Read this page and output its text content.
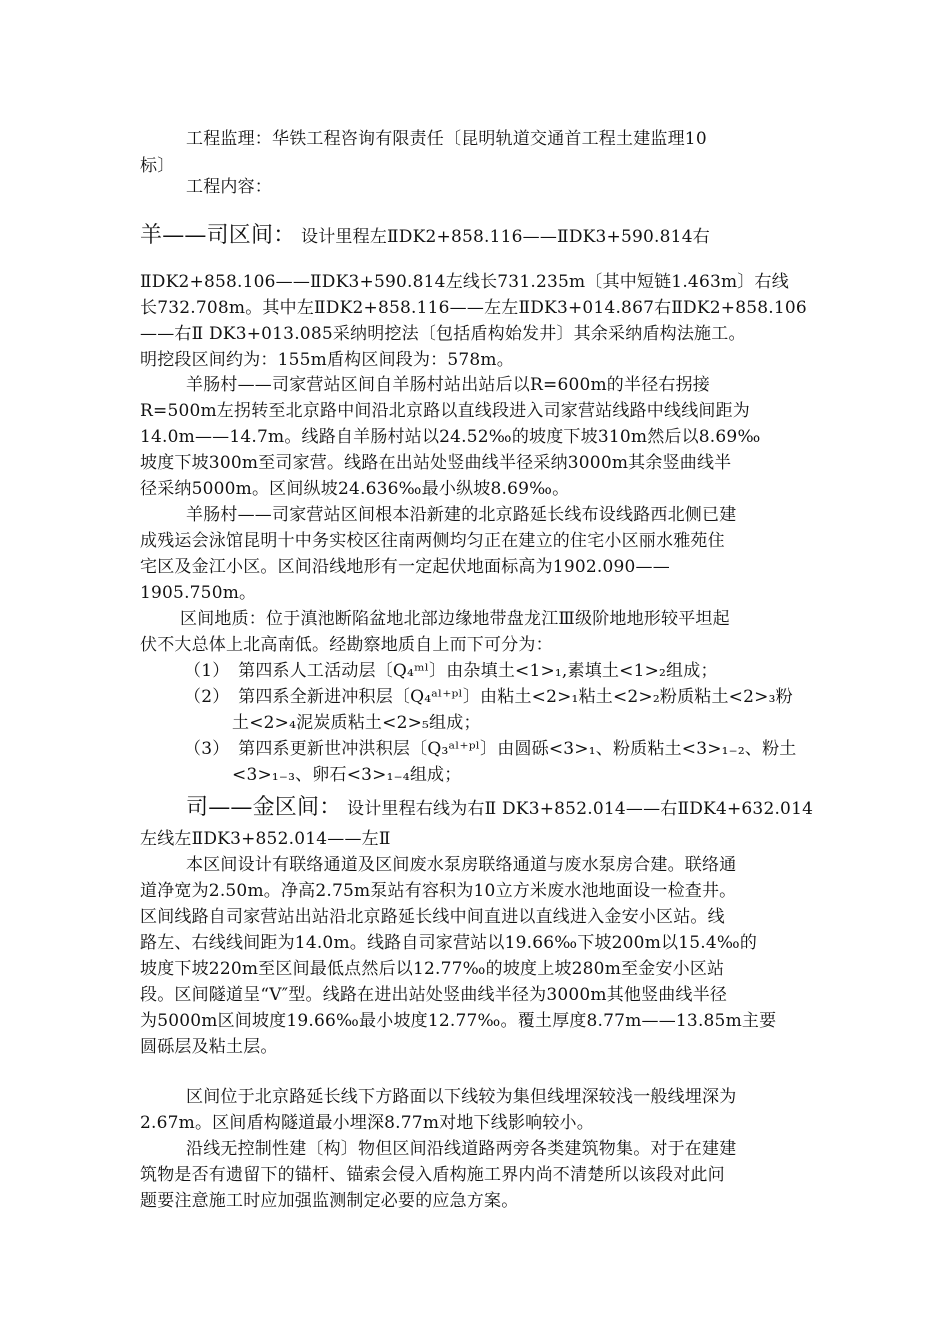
工程监理：华铁工程咨询有限责任〔昆明轨道交通首工程土建监理10
标〕
工程内容：
羊——司区间： 设计里程左ⅡDK2+858.116——ⅡDK3+590.814右
ⅡDK2+858.106——ⅡDK3+590.814左线长731.235m〔其中短链1.463m〕右线
长732.708m。其中左ⅡDK2+858.116——左左ⅡDK3+014.867右ⅡDK2+858.106
——右Ⅱ DK3+013.085采纳明挖法〔包括盾构始发井〕其余采纳盾构法施工。
明挖段区间约为：155m盾构区间段为：578m。
羊肠村——司家营站区间自羊肠村站出站后以R=600m的半径右拐接
R=500m左拐转至北京路中间沿北京路以直线段进入司家营站线路中线线间距为
14.0m——14.7m。线路自羊肠村站以24.52‰的坡度下坡310m然后以8.69‰
坡度下坡300m至司家营。线路在出站处竖曲线半径采纳3000m其余竖曲线半
径采纳5000m。区间纵坡24.636‰最小纵坡8.69‰。
羊肠村——司家营站区间根本沿新建的北京路延长线布设线路西北侧已建
成残运会泳馆昆明十中务实校区往南两侧均匀正在建立的住宅小区丽水雅苑住
宅区及金江小区。区间沿线地形有一定起伏地面标高为1902.090——
1905.750m。
区间地质：位于滇池断陷盆地北部边缘地带盘龙江Ⅲ级阶地地形较平坦起
伏不大总体上北高南低。经勘察地质自上而下可分为：
（1）　第四系人工活动层〔Q₄ᵐˡ〕由杂填土<1>₁,素填土<1>₂组成；
（2）　第四系全新进冲积层〔Q₄ᵃˡ⁺ᵖˡ〕由粘土<2>₁粘土<2>₂粉质粘土<2>₃粉
土<2>₄泥炭质粘土<2>₅组成；
（3）　第四系更新世冲洪积层〔Q₃ᵃˡ⁺ᵖˡ〕由圆砾<3>₁、粉质粘土<3>₁₋₂、粉土
<3>₁₋₃、卵石<3>₁₋₄组成；
司——金区间： 设计里程右线为右Ⅱ DK3+852.014——右ⅡDK4+632.014
左线左ⅡDK3+852.014——左Ⅱ
本区间设计有联络通道及区间废水泵房联络通道与废水泵房合建。联络通
道净宽为2.50m。净高2.75m泵站有容积为10立方米废水池地面设一检查井。
区间线路自司家营站出站沿北京路延长线中间直进以直线进入金安小区站。线
路左、右线线间距为14.0m。线路自司家营站以19.66‰下坡200m以15.4‰的
坡度下坡220m至区间最低点然后以12.77‰的坡度上坡280m至金安小区站
段。区间隧道呈“V″型。线路在进出站处竖曲线半径为3000m其他竖曲线半径
为5000m区间坡度19.66‰最小坡度12.77‰。覆土厚度8.77m——13.85m主要
圆砾层及粘土层。
区间位于北京路延长线下方路面以下线较为集但线埋深较浅一般线埋深为
2.67m。区间盾构隧道最小埋深8.77m对地下线影响较小。
沿线无控制性建〔构〕物但区间沿线道路两旁各类建筑物集。对于在建建
筑物是否有遗留下的锚杆、锚索会侵入盾构施工界内尚不清楚所以该段对此问
题要注意施工时应加强监测制定必要的应急方案。
